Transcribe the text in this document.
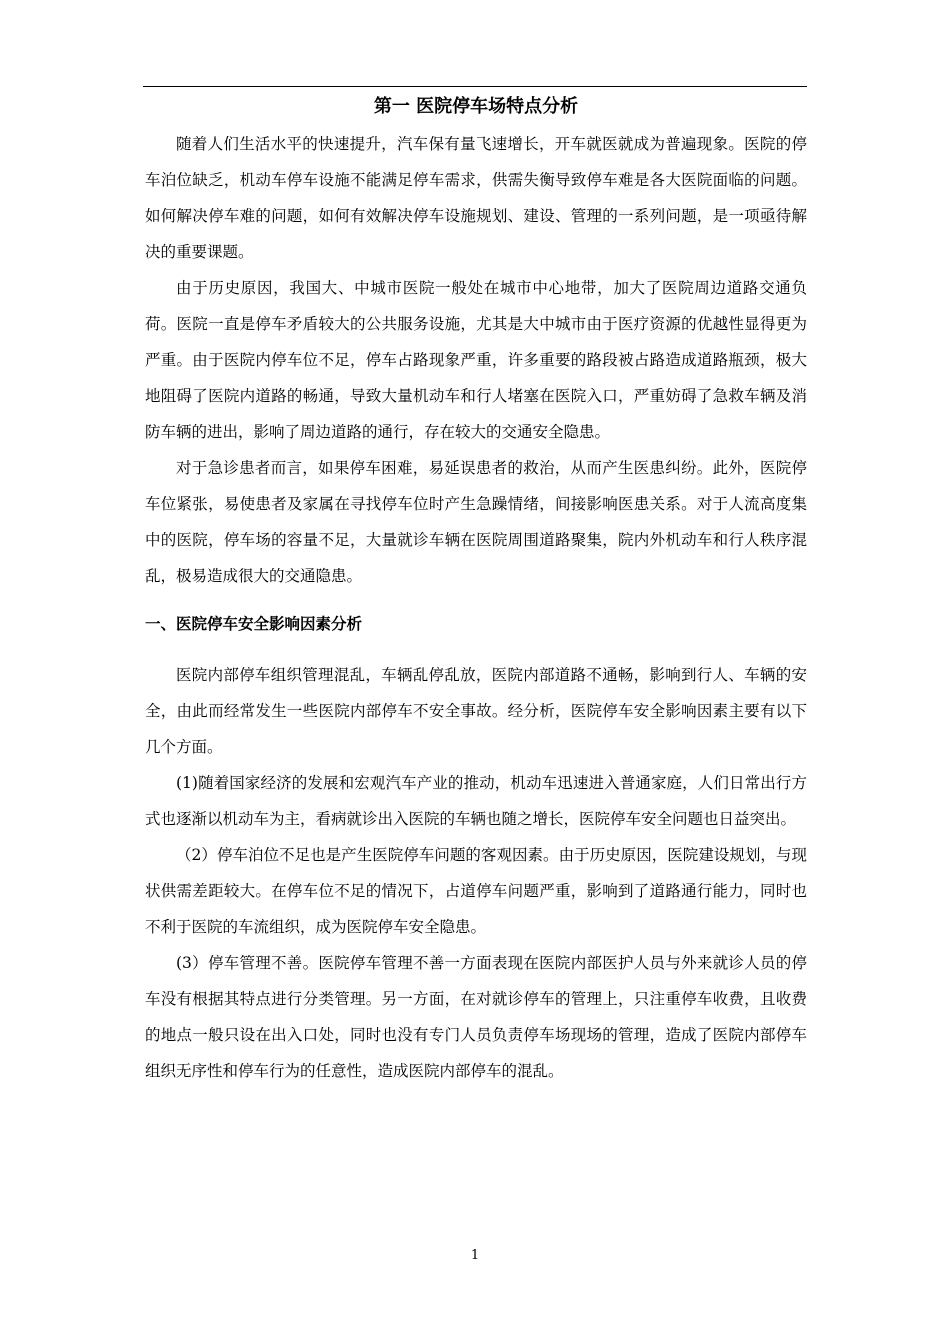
第一 医院停车场特点分析

随着人们生活水平的快速提升，汽车保有量飞速增长，开车就医就成为普遍现象。医院的停车泊位缺乏，机动车停车设施不能满足停车需求，供需失衡导致停车难是各大医院面临的问题。如何解决停车难的问题，如何有效解决停车设施规划、建设、管理的一系列问题，是一项亟待解决的重要课题。

由于历史原因，我国大、中城市医院一般处在城市中心地带，加大了医院周边道路交通负荷。医院一直是停车矛盾较大的公共服务设施，尤其是大中城市由于医疗资源的优越性显得更为严重。由于医院内停车位不足，停车占路现象严重，许多重要的路段被占路造成道路瓶颈，极大地阻碍了医院内道路的畅通，导致大量机动车和行人堵塞在医院入口，严重妨碍了急救车辆及消防车辆的进出，影响了周边道路的通行，存在较大的交通安全隐患。

对于急诊患者而言，如果停车困难，易延误患者的救治，从而产生医患纠纷。此外，医院停车位紧张，易使患者及家属在寻找停车位时产生急躁情绪，间接影响医患关系。对于人流高度集中的医院，停车场的容量不足，大量就诊车辆在医院周围道路聚集，院内外机动车和行人秩序混乱，极易造成很大的交通隐患。

一、医院停车安全影响因素分析

医院内部停车组织管理混乱，车辆乱停乱放，医院内部道路不通畅，影响到行人、车辆的安全，由此而经常发生一些医院内部停车不安全事故。经分析，医院停车安全影响因素主要有以下几个方面。

(1)随着国家经济的发展和宏观汽车产业的推动，机动车迅速进入普通家庭，人们日常出行方式也逐渐以机动车为主，看病就诊出入医院的车辆也随之增长，医院停车安全问题也日益突出。

（2）停车泊位不足也是产生医院停车问题的客观因素。由于历史原因，医院建设规划，与现状供需差距较大。在停车位不足的情况下，占道停车问题严重，影响到了道路通行能力，同时也不利于医院的车流组织，成为医院停车安全隐患。

(3）停车管理不善。医院停车管理不善一方面表现在医院内部医护人员与外来就诊人员的停车没有根据其特点进行分类管理。另一方面，在对就诊停车的管理上，只注重停车收费，且收费的地点一般只设在出入口处，同时也没有专门人员负责停车场现场的管理，造成了医院内部停车组织无序性和停车行为的任意性，造成医院内部停车的混乱。

1
